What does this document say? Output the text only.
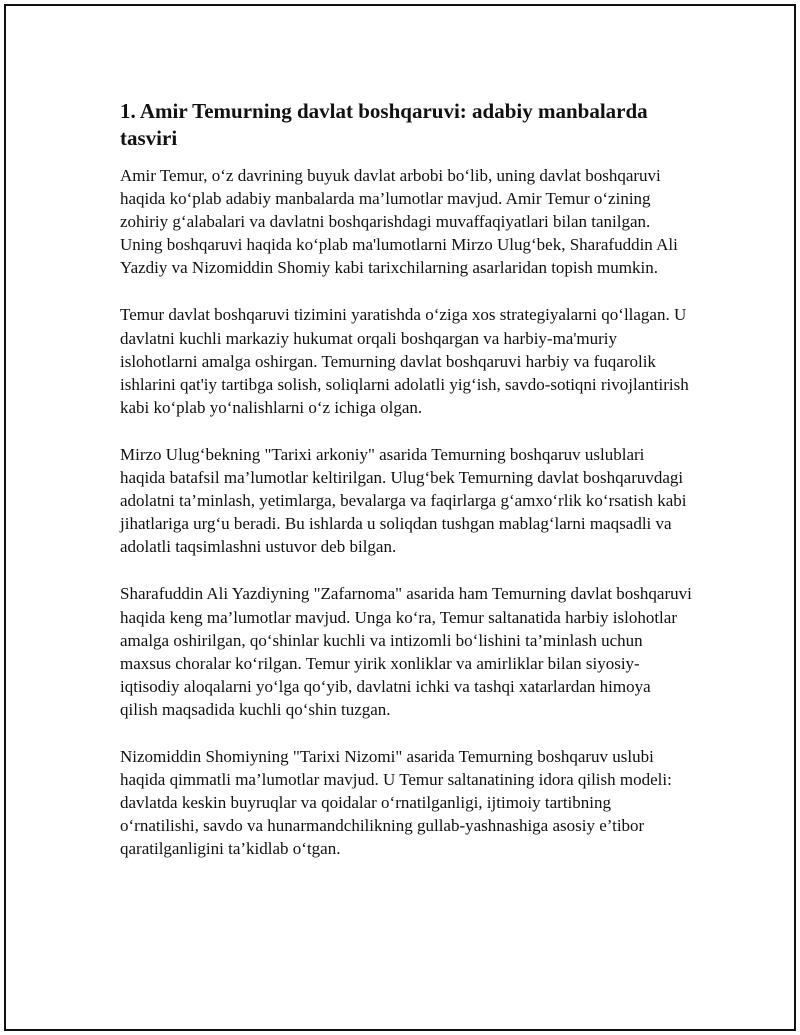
1. Amir Temurning davlat boshqaruvi: adabiy manbalarda tasviri

Amir Temur, o‘z davrining buyuk davlat arbobi bo‘lib, uning davlat boshqaruvi haqida ko‘plab adabiy manbalarda ma’lumotlar mavjud. Amir Temur o‘zining zohiriy g‘alabalari va davlatni boshqarishdagi muvaffaqiyatlari bilan tanilgan. Uning boshqaruvi haqida ko‘plab ma'lumotlarni Mirzo Ulug‘bek, Sharafuddin Ali Yazdiy va Nizomiddin Shomiy kabi tarixchilarning asarlaridan topish mumkin.

Temur davlat boshqaruvi tizimini yaratishda o‘ziga xos strategiyalarni qo‘llagan. U davlatni kuchli markaziy hukumat orqali boshqargan va harbiy-ma'muriy islohotlarni amalga oshirgan. Temurning davlat boshqaruvi harbiy va fuqarolik ishlarini qat'iy tartibga solish, soliqlarni adolatli yig‘ish, savdo-sotiqni rivojlantirish kabi ko‘plab yo‘nalishlarni o‘z ichiga olgan.

Mirzo Ulug‘bekning "Tarixi arkoniy" asarida Temurning boshqaruv uslublari haqida batafsil ma’lumotlar keltirilgan. Ulug‘bek Temurning davlat boshqaruvdagi adolatni ta’minlash, yetimlarga, bevalarga va faqirlarga g‘amxo‘rlik ko‘rsatish kabi jihatlariga urg‘u beradi. Bu ishlarda u soliqdan tushgan mablag‘larni maqsadli va adolatli taqsimlashni ustuvor deb bilgan.

Sharafuddin Ali Yazdiyning "Zafarnoma" asarida ham Temurning davlat boshqaruvi haqida keng ma’lumotlar mavjud. Unga ko‘ra, Temur saltanatida harbiy islohotlar amalga oshirilgan, qo‘shinlar kuchli va intizomli bo‘lishini ta’minlash uchun maxsus choralar ko‘rilgan. Temur yirik xonliklar va amirliklar bilan siyosiy-iqtisodiy aloqalarni yo‘lga qo‘yib, davlatni ichki va tashqi xatarlardan himoya qilish maqsadida kuchli qo‘shin tuzgan.

Nizomiddin Shomiyning "Tarixi Nizomi" asarida Temurning boshqaruv uslubi haqida qimmatli ma’lumotlar mavjud. U Temur saltanatining idora qilish modeli: davlatda keskin buyruqlar va qoidalar o‘rnatilganligi, ijtimoiy tartibning o‘rnatilishi, savdo va hunarmandchilikning gullab-yashnashiga asosiy e’tibor qaratilganligini ta’kidlab o‘tgan.
